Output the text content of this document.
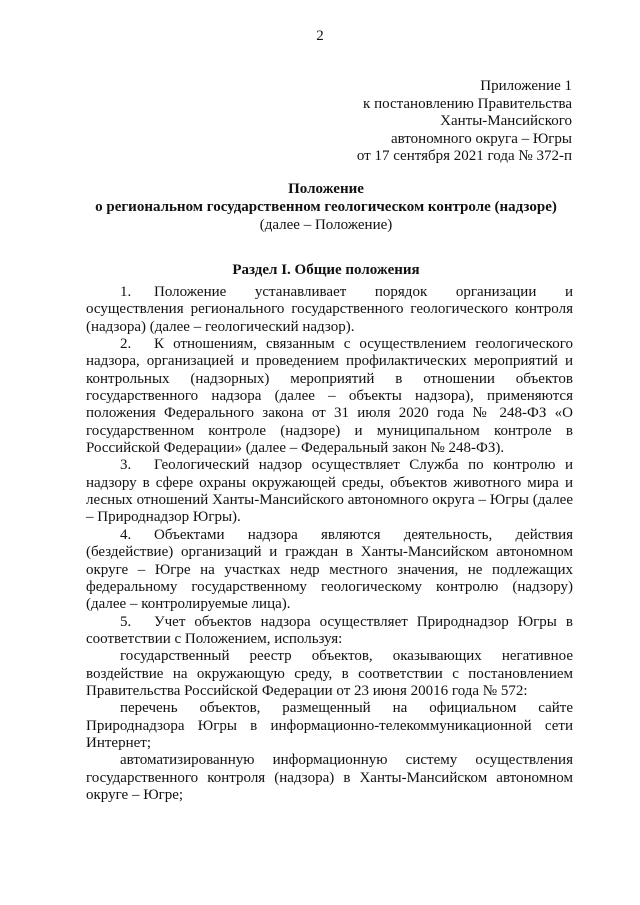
2
Приложение 1
к постановлению Правительства
Ханты-Мансийского
автономного округа – Югры
от 17 сентября 2021 года № 372-п
Положение
о региональном государственном геологическом контроле (надзоре)
(далее – Положение)
Раздел I. Общие положения

1. Положение устанавливает порядок организации и осуществления регионального государственного геологического контроля (надзора) (далее – геологический надзор).

2. К отношениям, связанным с осуществлением геологического надзора, организацией и проведением профилактических мероприятий и контрольных (надзорных) мероприятий в отношении объектов государственного надзора (далее – объекты надзора), применяются положения Федерального закона от 31 июля 2020 года № 248-ФЗ «О государственном контроле (надзоре) и муниципальном контроле в Российской Федерации» (далее – Федеральный закон № 248-ФЗ).

3. Геологический надзор осуществляет Служба по контролю и надзору в сфере охраны окружающей среды, объектов животного мира и лесных отношений Ханты-Мансийского автономного округа – Югры (далее – Природнадзор Югры).

4. Объектами надзора являются деятельность, действия (бездействие) организаций и граждан в Ханты-Мансийском автономном округе – Югре на участках недр местного значения, не подлежащих федеральному государственному геологическому контролю (надзору) (далее – контролируемые лица).

5. Учет объектов надзора осуществляет Природнадзор Югры в соответствии с Положением, используя:

государственный реестр объектов, оказывающих негативное воздействие на окружающую среду, в соответствии с постановлением Правительства Российской Федерации от 23 июня 20016 года № 572:

перечень объектов, размещенный на официальном сайте Природнадзора Югры в информационно-телекоммуникационной сети Интернет;

автоматизированную информационную систему осуществления государственного контроля (надзора) в Ханты-Мансийском автономном округе – Югре;
